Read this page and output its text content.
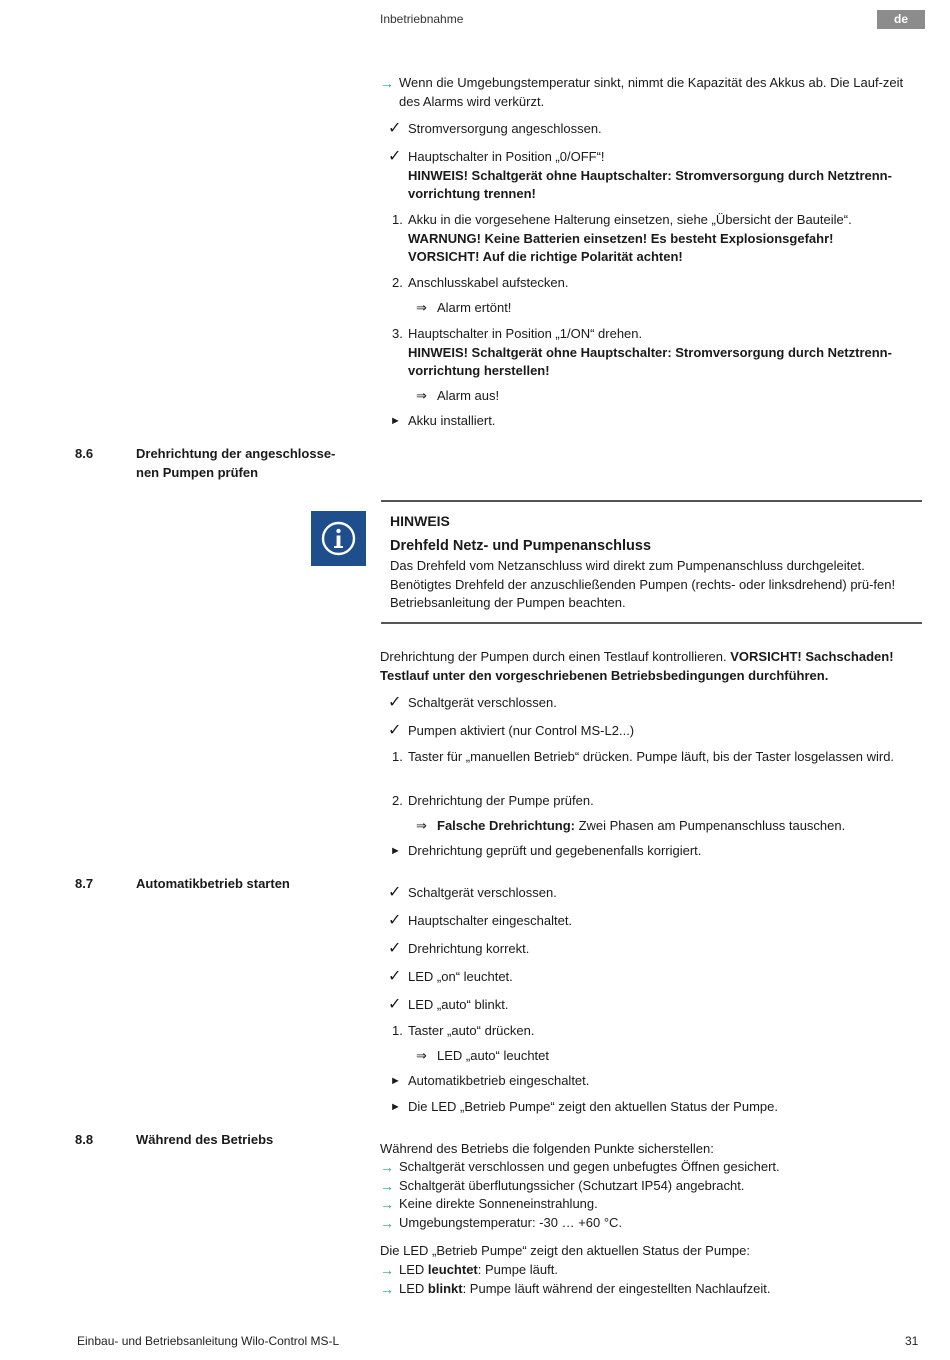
Inbetriebnahme	de
→ Wenn die Umgebungstemperatur sinkt, nimmt die Kapazität des Akkus ab. Die Lauf-zeit des Alarms wird verkürzt.
✓ Stromversorgung angeschlossen.
✓ Hauptschalter in Position „0/OFF“!
HINWEIS! Schaltgerät ohne Hauptschalter: Stromversorgung durch Netztrenn-vorrichtung trennen!
1. Akku in die vorgesehene Halterung einsetzen, siehe „Übersicht der Bauteile“.
WARNUNG! Keine Batterien einsetzen! Es besteht Explosionsgefahr!
VORSICHT! Auf die richtige Polarität achten!
2. Anschlusskabel aufstecken.
⇒ Alarm ertönt!
3. Hauptschalter in Position „1/ON“ drehen.
HINWEIS! Schaltgerät ohne Hauptschalter: Stromversorgung durch Netztrenn-vorrichtung herstellen!
⇒ Alarm aus!
► Akku installiert.
8.6	Drehrichtung der angeschlosse-nen Pumpen prüfen
HINWEIS
Drehfeld Netz- und Pumpenanschluss
Das Drehfeld vom Netzanschluss wird direkt zum Pumpenanschluss durchgeleitet. Benötigtes Drehfeld der anzuschließenden Pumpen (rechts- oder linksdrehend) prü-fen! Betriebsanleitung der Pumpen beachten.
Drehrichtung der Pumpen durch einen Testlauf kontrollieren. VORSICHT! Sachschaden! Testlauf unter den vorgeschriebenen Betriebsbedingungen durchführen.
✓ Schaltgerät verschlossen.
✓ Pumpen aktiviert (nur Control MS-L2...)
1. Taster für „manuellen Betrieb“ drücken. Pumpe läuft, bis der Taster losgelassen wird.
2. Drehrichtung der Pumpe prüfen.
⇒ Falsche Drehrichtung: Zwei Phasen am Pumpenanschluss tauschen.
► Drehrichtung geprüft und gegebenenfalls korrigiert.
8.7	Automatikbetrieb starten
✓ Schaltgerät verschlossen.
✓ Hauptschalter eingeschaltet.
✓ Drehrichtung korrekt.
✓ LED „on“ leuchtet.
✓ LED „auto“ blinkt.
1. Taster „auto“ drücken.
⇒ LED „auto“ leuchtet
► Automatikbetrieb eingeschaltet.
► Die LED „Betrieb Pumpe“ zeigt den aktuellen Status der Pumpe.
8.8	Während des Betriebs
Während des Betriebs die folgenden Punkte sicherstellen:
→ Schaltgerät verschlossen und gegen unbefugtes Öffnen gesichert.
→ Schaltgerät überflutungssicher (Schutzart IP54) angebracht.
→ Keine direkte Sonneneinstrahlung.
→ Umgebungstemperatur: -30 … +60 °C.
Die LED „Betrieb Pumpe“ zeigt den aktuellen Status der Pumpe:
→ LED leuchtet: Pumpe läuft.
→ LED blinkt: Pumpe läuft während der eingestellten Nachlaufzeit.
Einbau- und Betriebsanleitung Wilo-Control MS-L	31
